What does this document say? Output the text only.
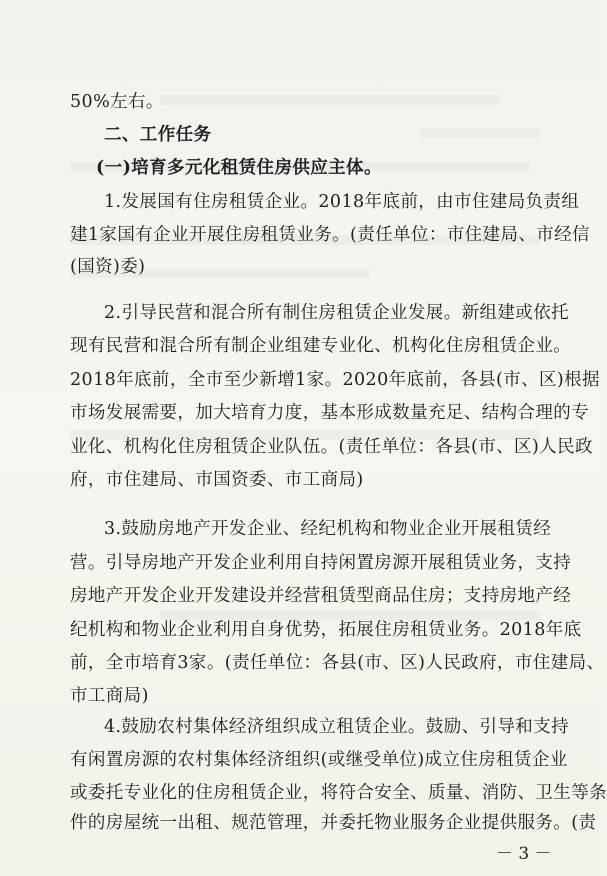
50%左右。
二、工作任务
(一)培育多元化租赁住房供应主体。
1.发展国有住房租赁企业。2018年底前，由市住建局负责组
建1家国有企业开展住房租赁业务。(责任单位：市住建局、市经信
(国资)委)
2.引导民营和混合所有制住房租赁企业发展。新组建或依托
现有民营和混合所有制企业组建专业化、机构化住房租赁企业。
2018年底前，全市至少新增1家。2020年底前，各县(市、区)根据
市场发展需要，加大培育力度，基本形成数量充足、结构合理的专
业化、机构化住房租赁企业队伍。(责任单位：各县(市、区)人民政
府，市住建局、市国资委、市工商局)
3.鼓励房地产开发企业、经纪机构和物业企业开展租赁经
营。引导房地产开发企业利用自持闲置房源开展租赁业务，支持
房地产开发企业开发建设并经营租赁型商品住房；支持房地产经
纪机构和物业企业利用自身优势，拓展住房租赁业务。2018年底
前，全市培育3家。(责任单位：各县(市、区)人民政府，市住建局、
市工商局)
4.鼓励农村集体经济组织成立租赁企业。鼓励、引导和支持
有闲置房源的农村集体经济组织(或继受单位)成立住房租赁企业
或委托专业化的住房租赁企业，将符合安全、质量、消防、卫生等条
件的房屋统一出租、规范管理，并委托物业服务企业提供服务。(责
－ 3 －
